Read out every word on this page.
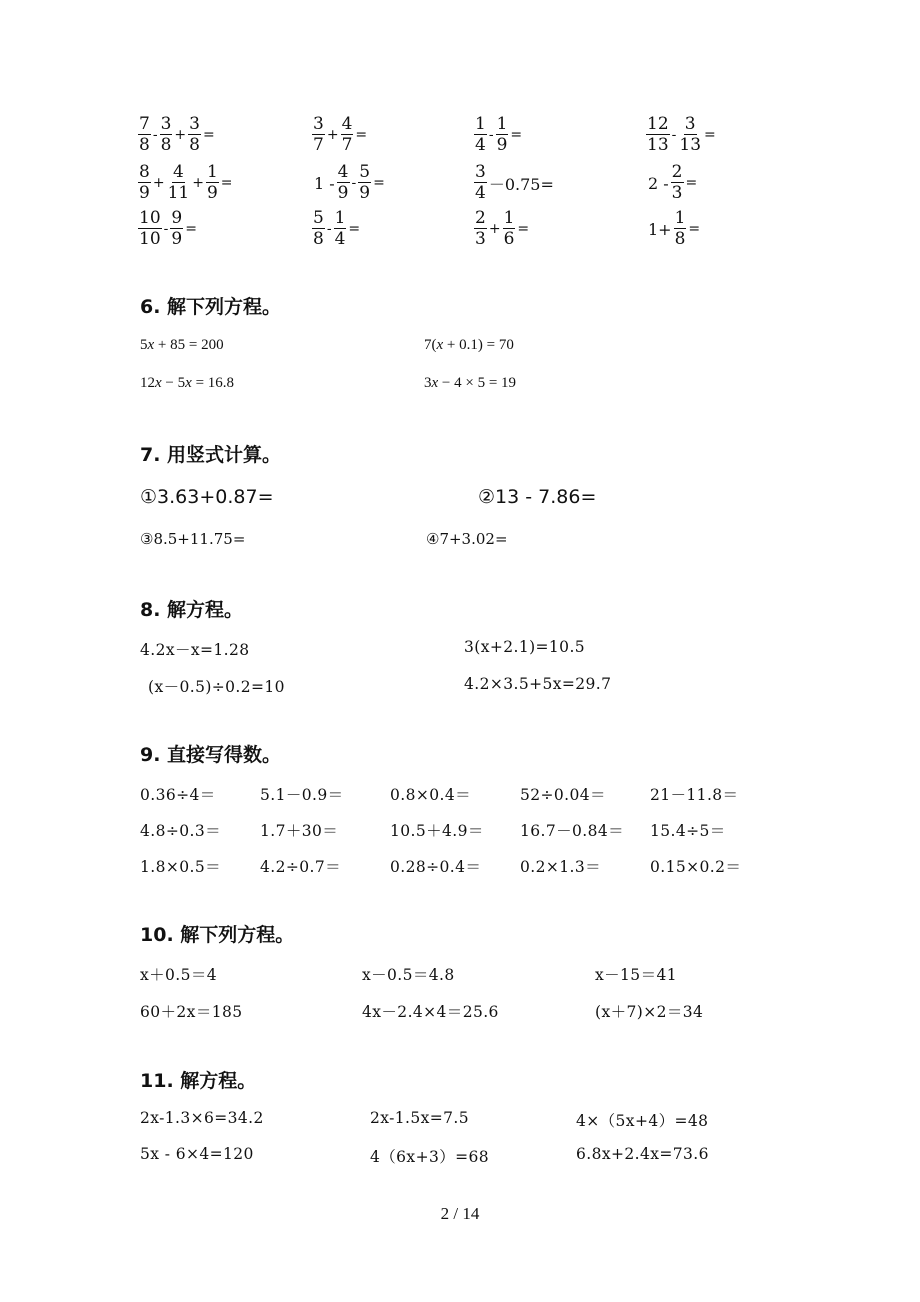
$\frac{7}{8} - \frac{3}{8} + \frac{3}{8}$ =	$\frac{3}{7} + \frac{4}{7}$ =	$\frac{1}{4} - \frac{1}{9}$ =	$\frac{12}{13} - \frac{3}{13}$ =
$\frac{8}{9} + \frac{4}{11} + \frac{1}{9}$ =	$1 - \frac{4}{9} - \frac{5}{9}$ =	$\frac{3}{4} -0.75=$	$2 - \frac{2}{3}$ =
$\frac{10}{10} - \frac{9}{9}$ =	$\frac{5}{8} - \frac{1}{4}$ =	$\frac{2}{3} + \frac{1}{6}$ =	$1+ \frac{1}{8}$ =
6. 解下列方程。
5x + 85 = 200	7(x + 0.1) = 70
12x − 5x = 16.8	3x − 4 × 5 = 19
7. 用竖式计算。
①3.63+0.87=	②13 - 7.86=
③8.5+11.75=	④7+3.02=
8. 解方程。
4.2x－x=1.28	3(x+2.1)=10.5
(x－0.5)÷0.2=10	4.2×3.5+5x=29.7
9. 直接写得数。
0.36÷4＝	5.1－0.9＝	0.8×0.4＝	52÷0.04＝	21－11.8＝
4.8÷0.3＝	1.7＋30＝	10.5＋4.9＝ 16.7－0.84＝ 15.4÷5＝
1.8×0.5＝	4.2÷0.7＝	0.28÷0.4＝	0.2×1.3＝	0.15×0.2＝
10. 解下列方程。
x＋0.5＝4	x－0.5＝4.8	x－15＝41
60＋2x＝185	4x－2.4×4＝25.6	(x＋7)×2＝34
11. 解方程。
2x-1.3×6=34.2	2x-1.5x=7.5	4×（5x+4）=48
5x - 6×4=120	4（6x+3）=68	6.8x+2.4x=73.6
2 / 14
